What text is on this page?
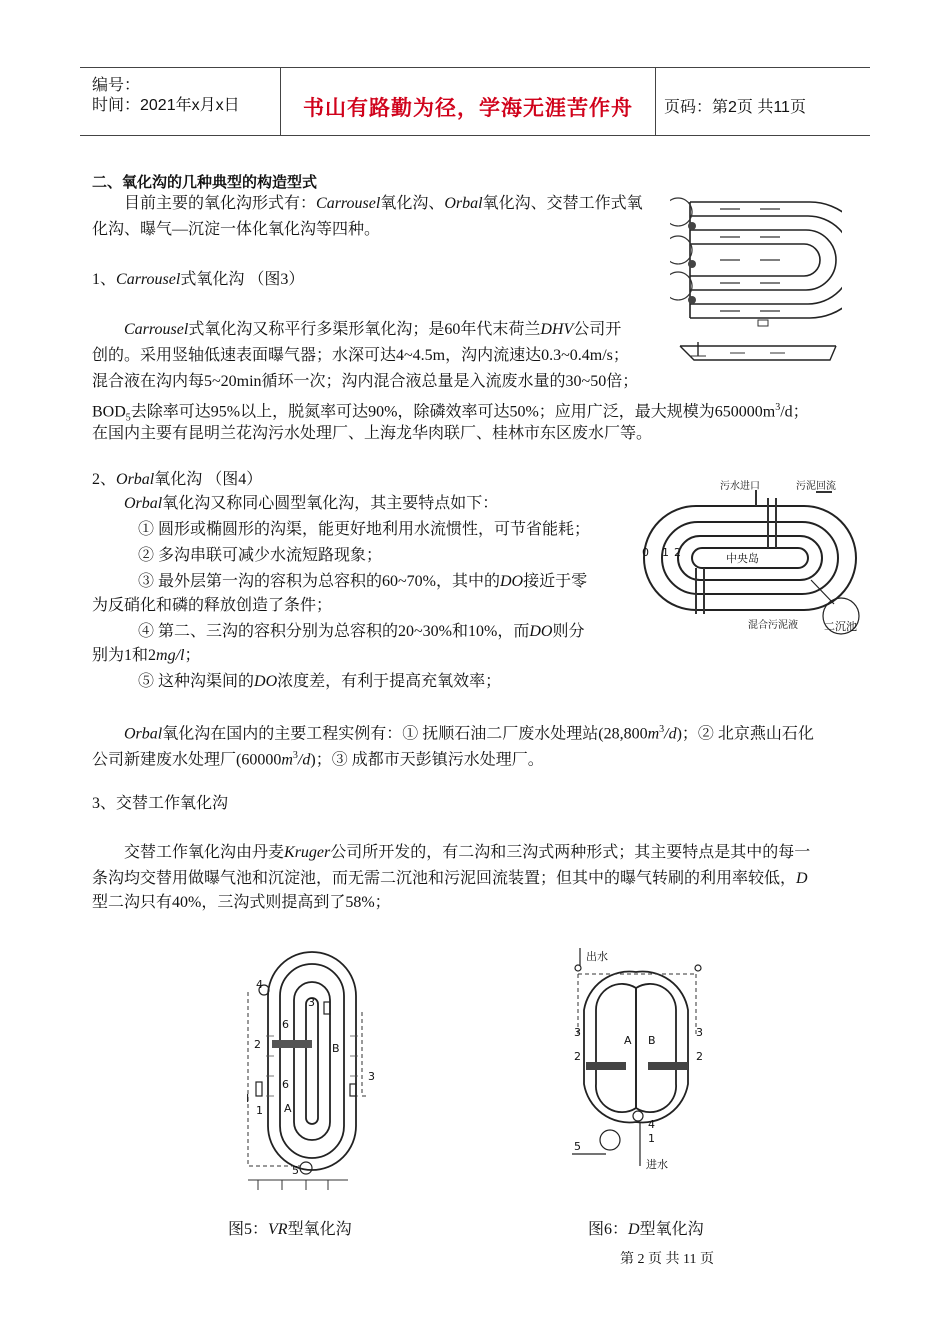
编号：
时间：2021年x月x日	书山有路勤为径，学海无涯苦作舟 页码：第2页 共11页
二、氧化沟的几种典型的构造型式
目前主要的氧化沟形式有：Carrousel氧化沟、Orbal氧化沟、交替工作式氧
化沟、曝气—沉淀一体化氧化沟等四种。
1、Carrousel式氧化沟 （图3）
Carrousel式氧化沟又称平行多渠形氧化沟；是60年代末荷兰DHV公司开
创的。采用竖轴低速表面曝气器；水深可达4~4.5m，沟内流速达0.3~0.4m/s；
混合液在沟内每5~20min循环一次；沟内混合液总量是入流废水量的30~50倍；
$BOD_5$去除率可达95%以上，脱氮率可达90%，除磷效率可达50%；应用广泛，最大规模为$650000m^3/d$；
在国内主要有昆明兰花沟污水处理厂、上海龙华肉联厂、桂林市东区废水厂等。
2、Orbal氧化沟 （图4）
Orbal氧化沟又称同心圆型氧化沟，其主要特点如下：
① 圆形或椭圆形的沟渠，能更好地利用水流惯性，可节省能耗；
② 多沟串联可减少水流短路现象；
③ 最外层第一沟的容积为总容积的60~70%，其中的DO接近于零
为反硝化和磷的释放创造了条件；
④ 第二、三沟的容积分别为总容积的20~30%和10%，而DO则分
别为1和2mg/l；
⑤ 这种沟渠间的DO浓度差，有利于提高充氧效率；
Orbal氧化沟在国内的主要工程实例有：① 抚顺石油二厂废水处理站$(28,800m^3/d)$；② 北京燕山石化
公司新建废水处理厂$(60000m^3/d)$；③ 成都市天彭镇污水处理厂。
污水进口	污泥回流
中央岛
混合污泥液 二沉池
0 1 2
3、交替工作氧化沟
交替工作氧化沟由丹麦Kruger公司所开发的，有二沟和三沟式两种形式；其主要特点是其中的每一
条沟均交替用做曝气池和沉淀池，而无需二沉池和污泥回流装置；但其中的曝气转刷的利用率较低，D
型二沟只有40%，三沟式则提高到了58%；
4
3
6
2	B
6
3
I
1 A
5
图5：VR型氧化沟
出水
A B
3	3
2	2
4
1
5
进水
图6：D型氧化沟
第 2 页 共 11 页
